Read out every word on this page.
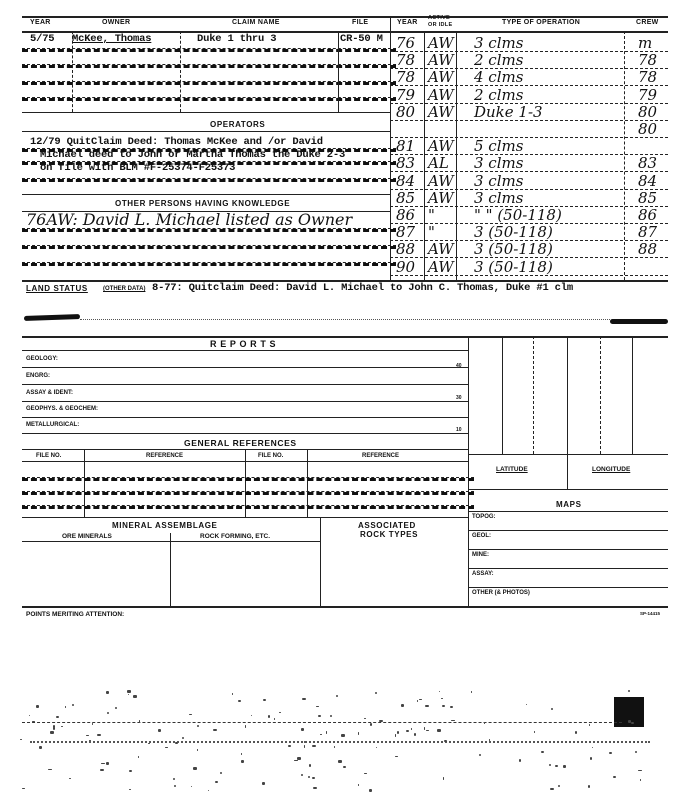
YEAR	OWNER	CLAIM NAME	FILE	YEAR
ACTIVE
OR IDLE	TYPE OF OPERATION	CREW
5/75 McKee, Thomas	Duke 1 thru 3	CR-50 M
OPERATORS
12/79 QuitClaim Deed: Thomas McKee and /or David
Michael deed to John or Martha Thomas the Duke 2-3
on file with BLM #F-25374-F25373
OTHER PERSONS HAVING KNOWLEDGE
76AW: David L. Michael listed as Owner
76 AW 3 clms	m
78 AW 2 clms	78
78 AW 4 clms	78
79 AW 2 clms	79
80 AW Duke 1-3	80
80
81 AW 5 clms
83 AL 3 clms	83
84 AW 3 clms	84
85 AW 3 clms	85
86 "	" " (50-118)	86
87 "	3 (50-118)	87
88 AW 3 (50-118)	88
90 AW 3 (50-118)
LAND STATUS	(OTHER DATA) 8-77: Quitclaim Deed: David L. Michael to John C. Thomas, Duke #1 clm
R E P O R T S
GEOLOGY:
ENGRG:
ASSAY & IDENT:
GEOPHYS. & GEOCHEM:
METALLURGICAL:
40
30
10
GENERAL REFERENCES
FILE NO.	REFERENCE	FILE NO.	REFERENCE
MINERAL ASSEMBLAGE
ORE MINERALS	ROCK FORMING, ETC.
ASSOCIATED
ROCK TYPES
LATITUDE	LONGITUDE
MAPS
TOPOG:
GEOL:
MINE:
ASSAY:
OTHER (& PHOTOS)
POINTS MERITING ATTENTION:	SP-14415
